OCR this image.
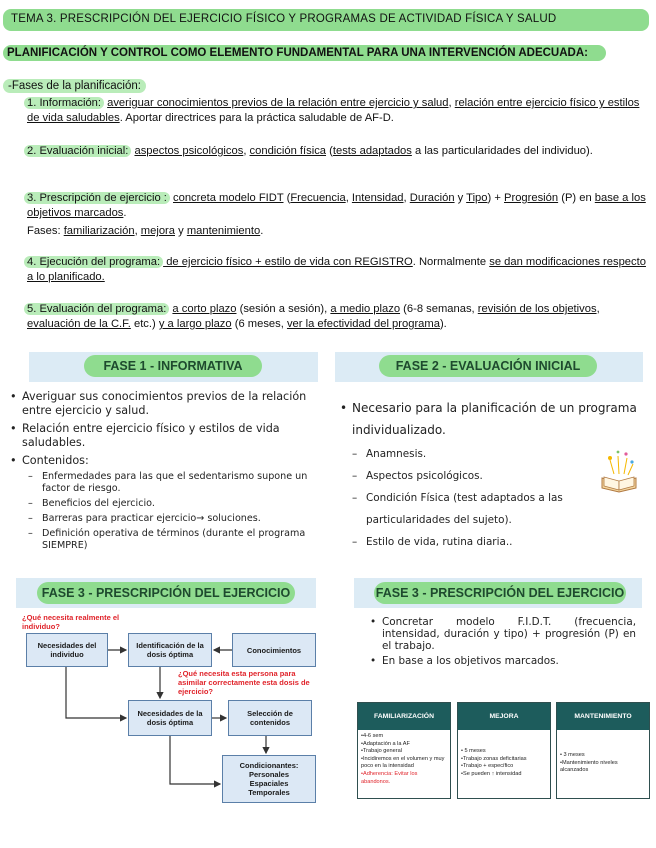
TEMA 3. PRESCRIPCIÓN DEL EJERCICIO FÍSICO Y PROGRAMAS DE ACTIVIDAD FÍSICA Y SALUD
PLANIFICACIÓN Y CONTROL COMO ELEMENTO FUNDAMENTAL PARA UNA INTERVENCIÓN ADECUADA:
-Fases de la planificación:
1. Información: averiguar conocimientos previos de la relación entre ejercicio y salud, relación entre ejercicio físico y estilos de vida saludables. Aportar directrices para la práctica saludable de AF-D.
2. Evaluación inicial: aspectos psicológicos, condición física (tests adaptados a las particularidades del individuo).
3. Prescripción de ejercicio : concreta modelo FIDT (Frecuencia, Intensidad, Duración y Tipo) + Progresión (P) en base a los objetivos marcados.
Fases: familiarización, mejora y mantenimiento.
4. Ejecución del programa: de ejercicio físico + estilo de vida con REGISTRO. Normalmente se dan modificaciones respecto a lo planificado.
5. Evaluación del programa: a corto plazo (sesión a sesión), a medio plazo (6-8 semanas, revisión de los objetivos, evaluación de la C.F. etc.) y a largo plazo (6 meses, ver la efectividad del programa).
FASE 1 - INFORMATIVA
• Averiguar sus conocimientos previos de la relación entre ejercicio y salud.
• Relación entre ejercicio físico y estilos de vida saludables.
• Contenidos:
– Enfermedades para las que el sedentarismo supone un factor de riesgo.
– Beneficios del ejercicio.
– Barreras para practicar ejercicio→ soluciones.
– Definición operativa de términos (durante el programa SIEMPRE)
FASE 2 - EVALUACIÓN INICIAL
• Necesario para la planificación de un programa individualizado.
– Anamnesis.
– Aspectos psicológicos.
– Condición Física (test adaptados a las particularidades del sujeto).
– Estilo de vida, rutina diaria..
FASE 3 - PRESCRIPCIÓN DEL EJERCICIO
¿Qué necesita realmente el individuo?
Necesidades del individuo
Identificación de la dosis óptima	Conocimientos
¿Qué necesita esta persona para asimilar correctamente esta dosis de ejercicio?
Necesidades de la dosis óptima
Selección de contenidos
Condicionantes:
Personales
Espaciales
Temporales
FASE 3 - PRESCRIPCIÓN DEL EJERCICIO
• Concretar modelo F.I.D.T. (frecuencia, intensidad, duración y tipo) + progresión (P) en el trabajo.
• En base a los objetivos marcados.
FAMILIARIZACIÓN
•4-6 sem
•Adaptación a la AF
•Trabajo general
•Incidiremos en el volumen y muy poco en la intensidad
•Adherencia: Evitar los abandonos.
MEJORA
• 5 meses
•Trabajo zonas deficitarias
•Trabajo + específico
•Se pueden ↑ intensidad
MANTENIMIENTO
• 3 meses
•Mantenimiento niveles alcanzados
